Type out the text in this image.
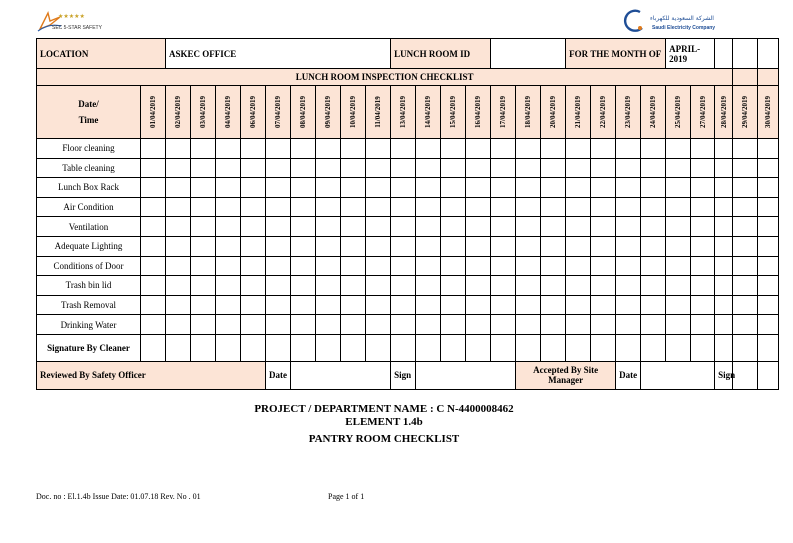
★★★★★
SEC 5-STAR SAFETY
الشركة السعودية للكهرباء
Saudi Electricity Company
LOCATION		ASKEC OFFICE									LUNCH ROOM ID							FOR THE MONTH OF				APRIL-2019				
LUNCH ROOM INSPECTION CHECKLIST																										

Date/
Time	01/04/2019	02/04/2019	03/04/2019	04/04/2019	06/04/2019	07/04/2019	08/04/2019	09/04/2019	10/04/2019	11/04/2019	13/04/2019	14/04/2019	15/04/2019	16/04/2019	17/04/2019	18/04/2019	20/04/2019	21/04/2019	22/04/2019	23/04/2019	24/04/2019	25/04/2019	27/04/2019	28/04/2019	29/04/2019	30/04/2019

Floor cleaning																										
Table cleaning																										
Lunch Box Rack																										
Air Condition																										
Ventilation																										
Adequate Lighting																										
Conditions of Door																										
Trash bin lid																										
Trash Removal																										
Drinking Water																										
Signature By Cleaner																										
Reviewed By Safety Officer						Date					Sign					Accepted By Site Manager				Date				Sign		
PROJECT / DEPARTMENT NAME : C N-4400008462
ELEMENT 1.4b
PANTRY ROOM CHECKLIST
Doc. no : El.1.4b Issue Date: 01.07.18 Rev. No . 01	Page 1 of 1
